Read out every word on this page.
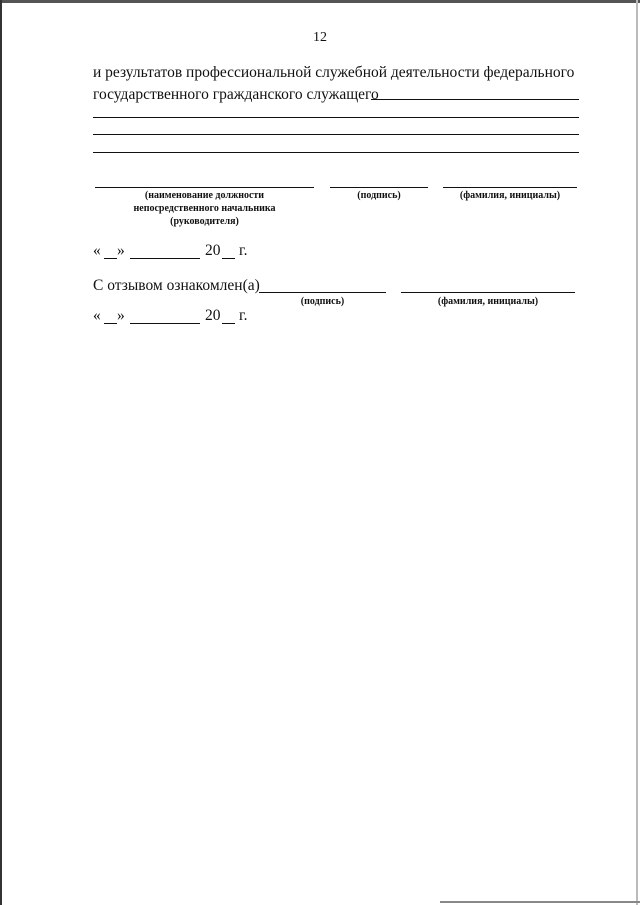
12
и результатов профессиональной служебной деятельности федерального
государственного гражданского служащего
(наименование должности
непосредственного начальника
(руководителя)
(подпись)	(фамилия, инициалы)
« »	20 г.
С отзывом ознакомлен(а)
(подпись)	(фамилия, инициалы)
« »	20 г.
